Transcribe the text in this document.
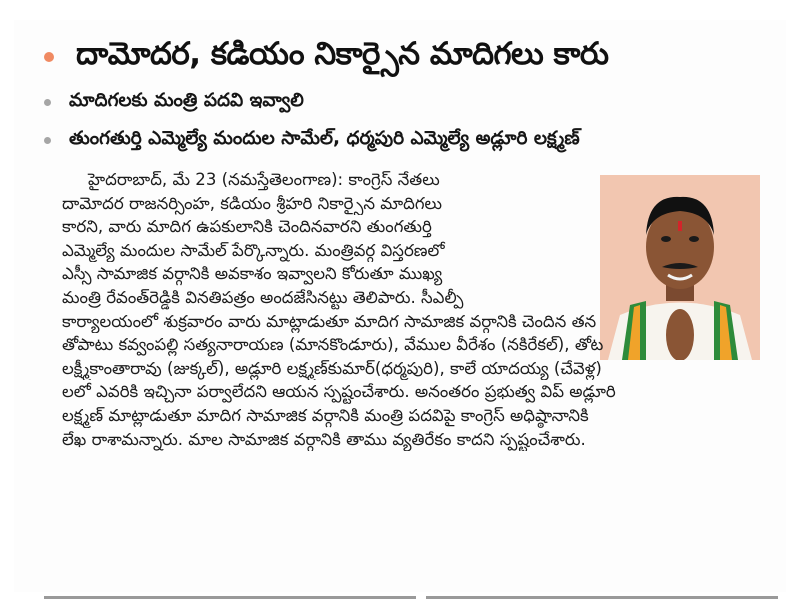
దామోదర, కడియం నికార్సైన మాదిగలు కారు
మాదిగలకు మంత్రి పదవి ఇవ్వాలి
తుంగతుర్తి ఎమ్మెల్యే మందుల సామేల్, ధర్మపురి ఎమ్మెల్యే అడ్లూరి లక్ష్మణ్
హైదరాబాద్, మే 23 (నమస్తేతెలంగాణ): కాంగ్రెస్ నేతలు
దామోదర రాజనర్సింహ, కడియం శ్రీహరి నికార్సైన మాదిగలు
కారని, వారు మాదిగ ఉపకులానికి చెందినవారని తుంగతుర్తి
ఎమ్మెల్యే మందుల సామేల్ పేర్కొన్నారు. మంత్రివర్గ విస్తరణలో
ఎస్సీ సామాజిక వర్గానికి అవకాశం ఇవ్వాలని కోరుతూ ముఖ్య
మంత్రి రేవంత్‌రెడ్డికి వినతిపత్రం అందజేసినట్టు తెలిపారు. సీఎల్పీ
కార్యాలయంలో శుక్రవారం వారు మాట్లాడుతూ మాదిగ సామాజిక వర్గానికి చెందిన తన
తోపాటు కవ్వంపల్లి సత్యనారాయణ (మానకొండూరు), వేముల వీరేశం (నకిరేకల్), తోట
లక్ష్మీకాంతారావు (జుక్కల్), అడ్లూరి లక్ష్మణ్‌కుమార్(ధర్మపురి), కాలే యాదయ్య (చేవెళ్ల)
లలో ఎవరికి ఇచ్చినా పర్వాలేదని ఆయన స్పష్టంచేశారు. అనంతరం ప్రభుత్వ విప్ అడ్లూరి
లక్ష్మణ్ మాట్లాడుతూ మాదిగ సామాజిక వర్గానికి మంత్రి పదవిపై కాంగ్రెస్ అధిష్ఠానానికి
లేఖ రాశామన్నారు. మాల సామాజిక వర్గానికి తాము వ్యతిరేకం కాదని స్పష్టంచేశారు.
